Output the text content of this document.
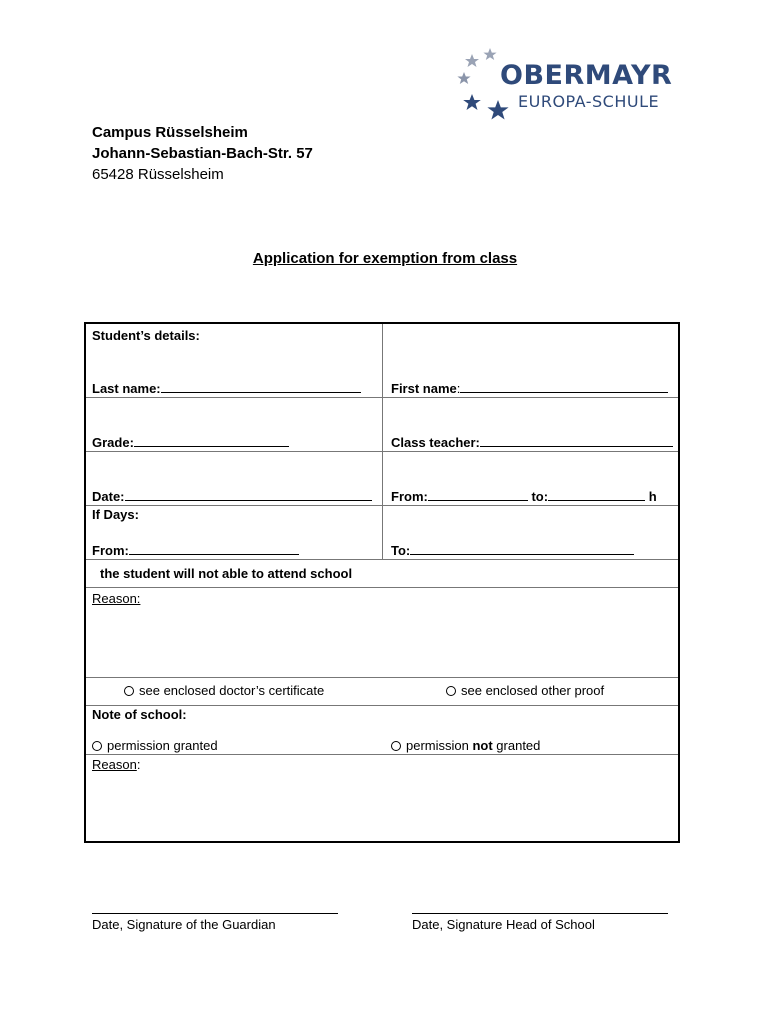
OBERMAYR
EUROPA-SCHULE
Campus Rüsselsheim
Johann-Sebastian-Bach-Str. 57
65428 Rüsselsheim
Application for exemption from class
Student’s details:
Last name:	First name:
Grade:	Class teacher:
Date:	From:	to:	h
If Days:
From:	To:
the student will not able to attend school
Reason:
see enclosed doctor’s certificate	see enclosed other proof
Note of school:
permission granted	permission not granted
Reason:
Date, Signature of the Guardian	Date, Signature Head of School
